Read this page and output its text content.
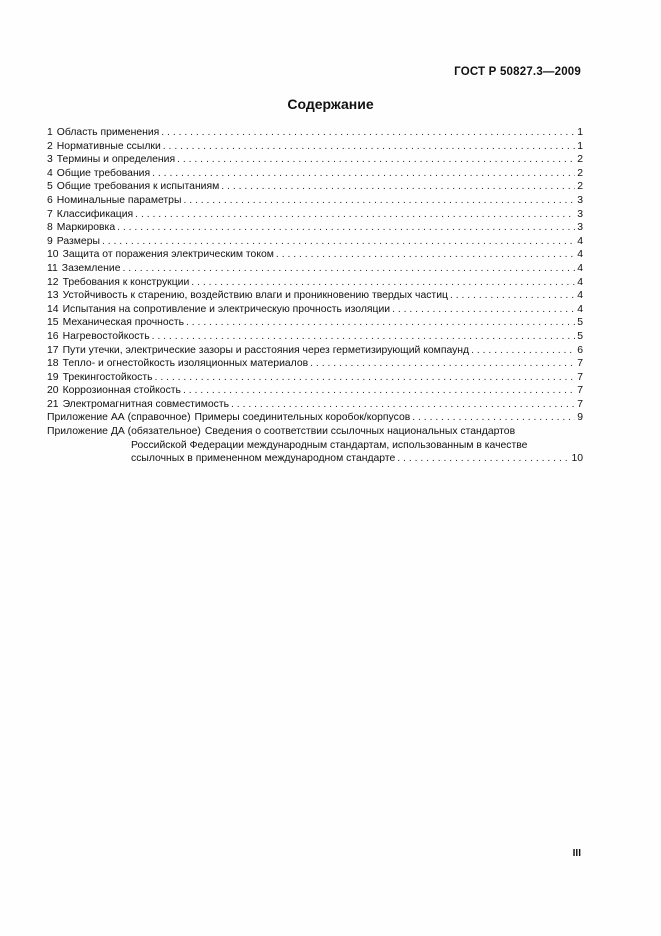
ГОСТ Р 50827.3—2009
Содержание
1 Область применения . . .	1
2 Нормативные ссылки . . .	1
3 Термины и определения . . .	2
4 Общие требования . . .	2
5 Общие требования к испытаниям . . .	2
6 Номинальные параметры . . .	3
7 Классификация . . .	3
8 Маркировка . . .	3
9 Размеры . . .	4
10 Защита от поражения электрическим током . . .	4
11 Заземление . . .	4
12 Требования к конструкции . . .	4
13 Устойчивость к старению, воздействию влаги и проникновению твердых частиц . . .	4
14 Испытания на сопротивление и электрическую прочность изоляции . . .	4
15 Механическая прочность . . .	5
16 Нагревостойкость . . .	5
17 Пути утечки, электрические зазоры и расстояния через герметизирующий компаунд . . .	6
18 Тепло- и огнестойкость изоляционных материалов . . .	7
19 Трекингостойкость . . .	7
20 Коррозионная стойкость . . .	7
21 Электромагнитная совместимость . . .	7
Приложение АА (справочное) Примеры соединительных коробок/корпусов . . .	9
Приложение ДА (обязательное) Сведения о соответствии ссылочных национальных стандартов
Российской Федерации международным стандартам, использованным в качестве
ссылочных в примененном международном стандарте . . .	10
III
